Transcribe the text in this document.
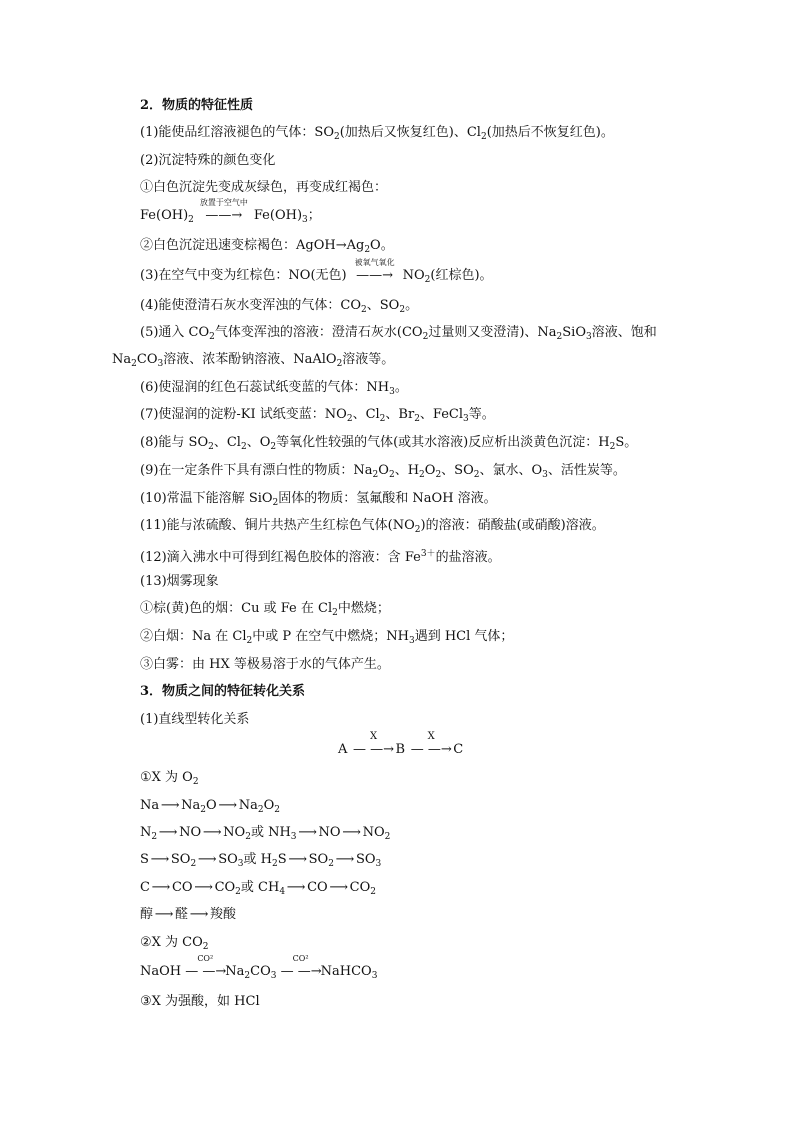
2．物质的特征性质
(1)能使品红溶液褪色的气体：$SO_2$(加热后又恢复红色)、$Cl_2$(加热后不恢复红色)。
(2)沉淀特殊的颜色变化
①白色沉淀先变成灰绿色，再变成红褐色：
$Fe(OH)_2$
放置于空气中
——→ $Fe(OH)_3$；
②白色沉淀迅速变棕褐色：$AgOH\to Ag_2O$。
(3)在空气中变为红棕色：NO(无色)
被氧气氧化
——→ $NO_2$(红棕色)。
(4)能使澄清石灰水变浑浊的气体：$CO_2$、$SO_2$。
(5)通入 $CO_2$气体变浑浊的溶液：澄清石灰水($CO_2$过量则又变澄清)、$Na_2SiO_3$溶液、饱和
$Na_2CO_3$溶液、浓苯酚钠溶液、NaAlO$_2$溶液等。
(6)使湿润的红色石蕊试纸变蓝的气体：$NH_3$。
(7)使湿润的淀粉-KI 试纸变蓝：$NO_2$、$Cl_2$、$Br_2$、FeCl$_3$等。
(8)能与 $SO_2$、$Cl_2$、$O_2$等氧化性较强的气体(或其水溶液)反应析出淡黄色沉淀：$H_2S$。
(9)在一定条件下具有漂白性的物质：$Na_2O_2$、$H_2O_2$、$SO_2$、氯水、$O_3$、活性炭等。
(10)常温下能溶解 SiO$_2$固体的物质：氢氟酸和 NaOH 溶液。
(11)能与浓硫酸、铜片共热产生红棕色气体$(NO_2)$的溶液：硝酸盐(或硝酸)溶液。
(12)滴入沸水中可得到红褐色胶体的溶液：含 $Fe^{3+}$的盐溶液。
(13)烟雾现象
①棕(黄)色的烟：Cu 或 Fe 在 $Cl_2$中燃烧；
②白烟：Na 在 $Cl_2$中或 P 在空气中燃烧；$NH_3$遇到 HCl 气体；
③白雾：由 HX 等极易溶于水的气体产生。
3．物质之间的特征转化关系
(1)直线型转化关系
A
X
— —→B
X
— —→C
①X 为 $O_2$
Na ⟶ $Na_2O$ ⟶ $Na_2O_2$
$N_2$ ⟶ NO ⟶ $NO_2$或 $NH_3$ ⟶ NO ⟶ $NO_2$
S ⟶ $SO_2$ ⟶ $SO_3$或 $H_2S$ ⟶ $SO_2$ ⟶ $SO_3$
C ⟶ CO ⟶ $CO_2$或 $CH_4$ ⟶ CO ⟶ $CO_2$
醇 ⟶ 醛 ⟶ 羧酸
②X 为 $CO_2$
NaOH
CO²
— $—\to Na_2CO_3$
CO²
— —→NaHCO$_3$
③X 为强酸，如 HCl
